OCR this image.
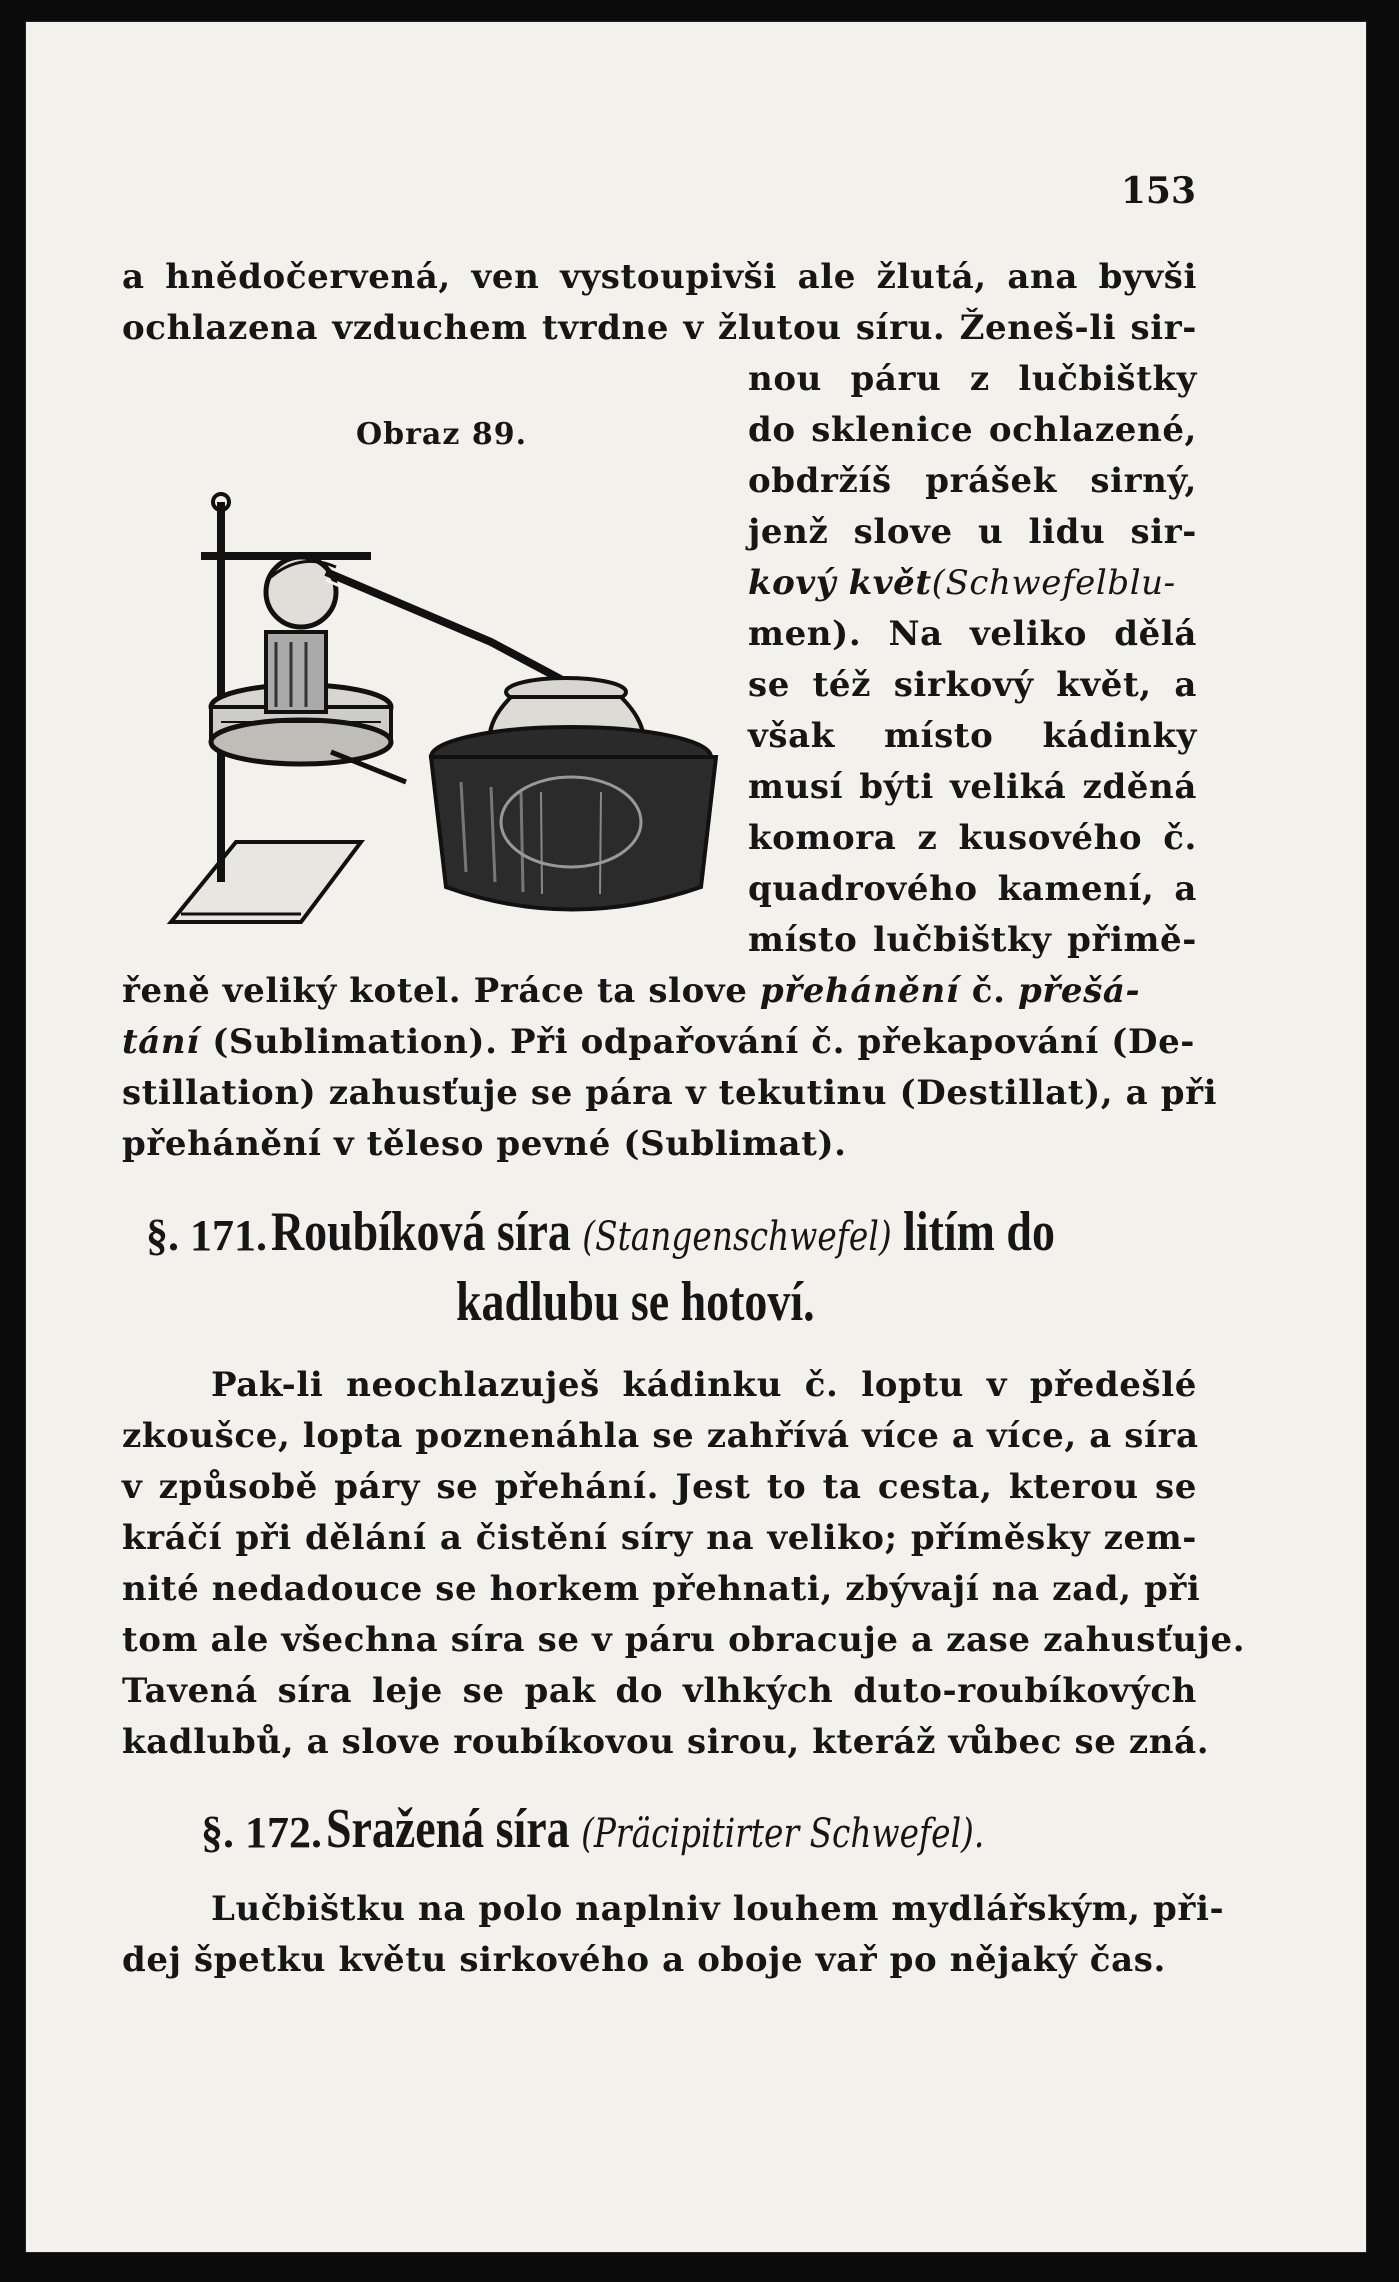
153
a hnědočervená, ven vystoupivši ale žlutá, ana byvši
ochlazena vzduchem tvrdne v žlutou síru. Ženeš-li sir-
nou páru z lučbištky
Obraz 89.	do sklenice ochlazené,
obdržíš prášek sirný,
jenž slove u lidu sir-
kový květ(Schwefelblu-
men). Na veliko dělá
se též sirkový květ, a
však místo kádinky
musí býti veliká zděná
komora z kusového č.
quadrového kamení, a
místo lučbištky přimě-
řeně veliký kotel. Práce ta slove přehánění č. přešá-
tání (Sublimation). Při odpařování č. překapování (De-
stillation) zahusťuje se pára v tekutinu (Destillat), a při
přehánění v těleso pevné (Sublimat).
§. 171. Roubíková síra (Stangenschwefel) litím do
kadlubu se hotoví.
Pak-li neochlazuješ kádinku č. loptu v předešlé
zkoušce, lopta poznenáhla se zahřívá více a více, a síra
v způsobě páry se přehání. Jest to ta cesta, kterou se
kráčí při dělání a čistění síry na veliko; příměsky zem-
nité nedadouce se horkem přehnati, zbývají na zad, při
tom ale všechna síra se v páru obracuje a zase zahusťuje.
Tavená síra leje se pak do vlhkých duto-roubíkových
kadlubů, a slove roubíkovou sirou, kteráž vůbec se zná.
§. 172. Sražená síra (Präcipitirter Schwefel).
Lučbištku na polo naplniv louhem mydlářským, při-
dej špetku květu sirkového a oboje vař po nějaký čas.
